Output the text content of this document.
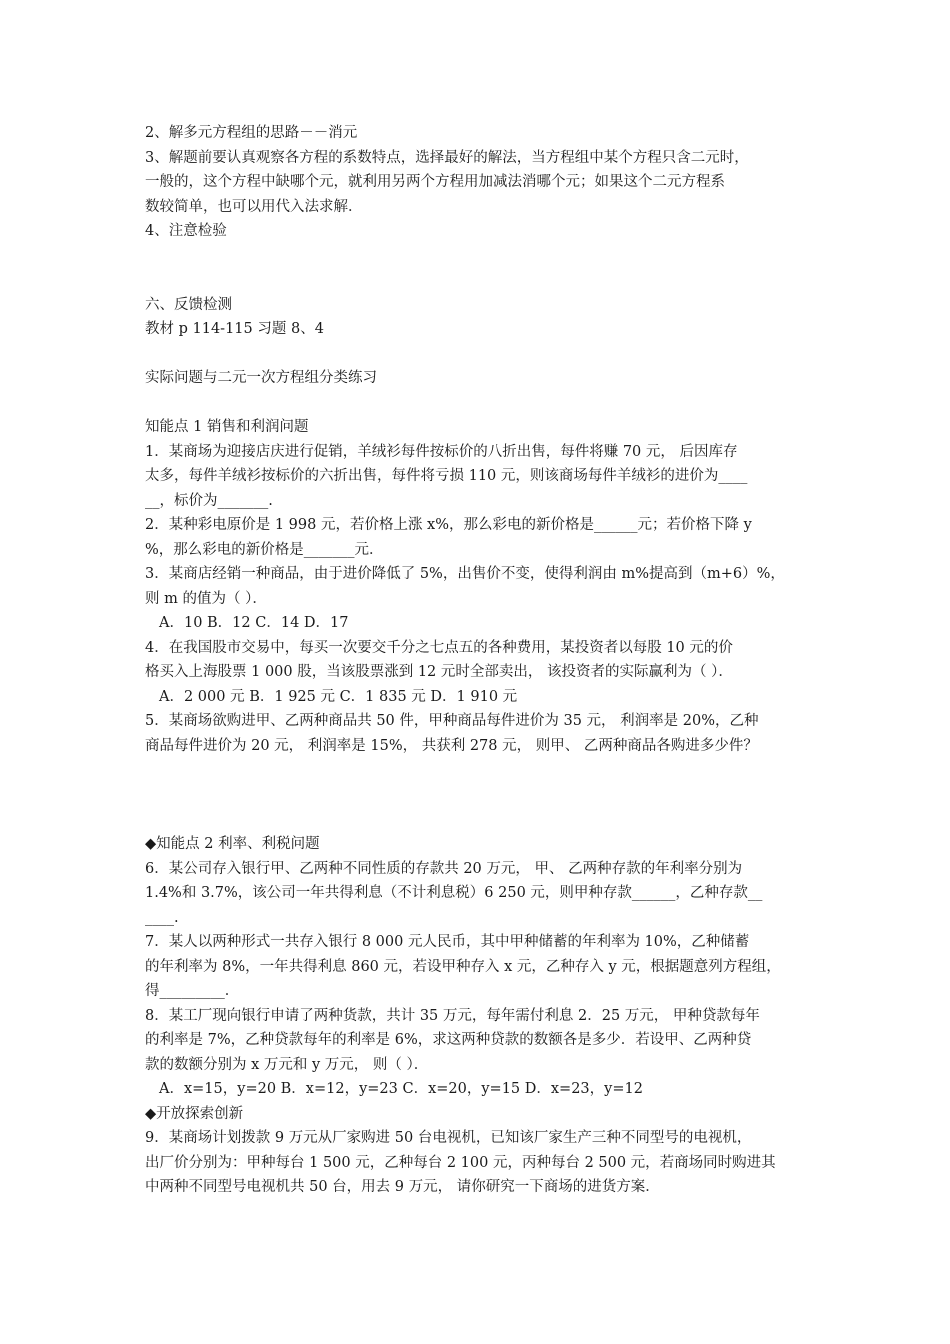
2、解多元方程组的思路－－消元
3、解题前要认真观察各方程的系数特点，选择最好的解法，当方程组中某个方程只含二元时，
一般的，这个方程中缺哪个元，就利用另两个方程用加减法消哪个元；如果这个二元方程系
数较简单，也可以用代入法求解．
4、注意检验
六、反馈检测
教材 p 114-115 习题 8、4
实际问题与二元一次方程组分类练习
知能点 1 销售和利润问题
1．某商场为迎接店庆进行促销，羊绒衫每件按标价的八折出售，每件将赚 70 元， 后因库存
太多，每件羊绒衫按标价的六折出售，每件将亏损 110 元，则该商场每件羊绒衫的进价为____
__，标价为_______.
2．某种彩电原价是 1 998 元，若价格上涨 x%，那么彩电的新价格是______元；若价格下降 y
%，那么彩电的新价格是_______元．
3．某商店经销一种商品，由于进价降低了 5%，出售价不变，使得利润由 m%提高到（m+6）%，
则 m 的值为（ ）．
A．10 B．12 C．14 D．17
4．在我国股市交易中，每买一次要交千分之七点五的各种费用，某投资者以每股 10 元的价
格买入上海股票 1 000 股，当该股票涨到 12 元时全部卖出， 该投资者的实际赢利为（ ）．
A．2 000 元 B．1 925 元 C．1 835 元 D．1 910 元
5．某商场欲购进甲、乙两种商品共 50 件，甲种商品每件进价为 35 元， 利润率是 20%，乙种
商品每件进价为 20 元， 利润率是 15%， 共获利 278 元， 则甲、 乙两种商品各购进多少件？
◆知能点 2 利率、利税问题
6．某公司存入银行甲、乙两种不同性质的存款共 20 万元， 甲、 乙两种存款的年利率分别为
1.4%和 3.7%，该公司一年共得利息（不计利息税）6 250 元，则甲种存款______，乙种存款__
____.
7．某人以两种形式一共存入银行 8 000 元人民币，其中甲种储蓄的年利率为 10%，乙种储蓄
的年利率为 8%，一年共得利息 860 元，若设甲种存入 x 元，乙种存入 y 元，根据题意列方程组，
得_________．
8．某工厂现向银行申请了两种货款，共计 35 万元，每年需付利息 2．25 万元， 甲种贷款每年
的利率是 7%，乙种贷款每年的利率是 6%，求这两种贷款的数额各是多少．若设甲、乙两种贷
款的数额分别为 x 万元和 y 万元， 则（ ）．
A．x=15，y=20 B．x=12，y=23 C．x=20，y=15 D．x=23，y=12
◆开放探索创新
9．某商场计划拨款 9 万元从厂家购进 50 台电视机，已知该厂家生产三种不同型号的电视机，
出厂价分别为：甲种每台 1 500 元，乙种每台 2 100 元，丙种每台 2 500 元，若商场同时购进其
中两种不同型号电视机共 50 台，用去 9 万元， 请你研究一下商场的进货方案．
